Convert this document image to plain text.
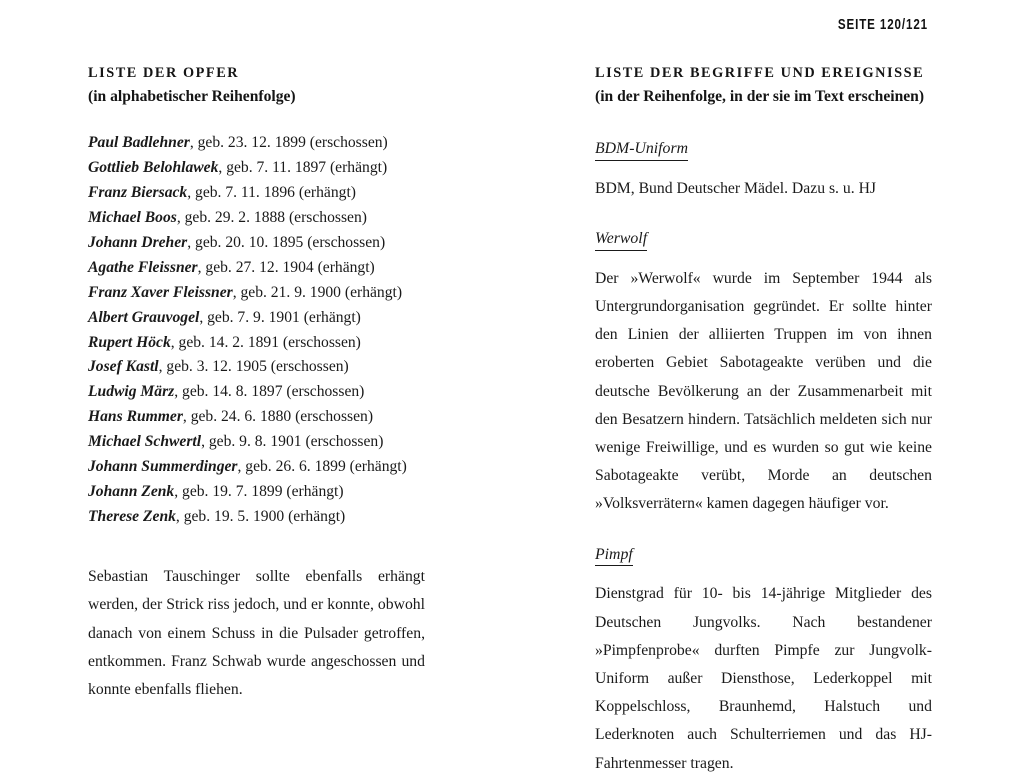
SEITE 120/121
LISTE DER OPFER

(in alphabetischer Reihenfolge)

Paul Badlehner, geb. 23. 12. 1899 (erschossen)
Gottlieb Belohlawek, geb. 7. 11. 1897 (erhängt)
Franz Biersack, geb. 7. 11. 1896 (erhängt)
Michael Boos, geb. 29. 2. 1888 (erschossen)
Johann Dreher, geb. 20. 10. 1895 (erschossen)
Agathe Fleissner, geb. 27. 12. 1904 (erhängt)
Franz Xaver Fleissner, geb. 21. 9. 1900 (erhängt)
Albert Grauvogel, geb. 7. 9. 1901 (erhängt)
Rupert Höck, geb. 14. 2. 1891 (erschossen)
Josef Kastl, geb. 3. 12. 1905 (erschossen)
Ludwig März, geb. 14. 8. 1897 (erschossen)
Hans Rummer, geb. 24. 6. 1880 (erschossen)
Michael Schwertl, geb. 9. 8. 1901 (erschossen)
Johann Summerdinger, geb. 26. 6. 1899 (erhängt)
Johann Zenk, geb. 19. 7. 1899 (erhängt)
Therese Zenk, geb. 19. 5. 1900 (erhängt)

Sebastian Tauschinger sollte ebenfalls erhängt werden, der Strick riss jedoch, und er konnte, obwohl danach von einem Schuss in die Pulsader getroffen, entkommen. Franz Schwab wurde angeschossen und konnte ebenfalls fliehen.

LISTE DER BEGRIFFE UND EREIGNISSE

(in der Reihenfolge, in der sie im Text erscheinen)

BDM-Uniform

BDM, Bund Deutscher Mädel. Dazu s. u. HJ

Werwolf

Der »Werwolf« wurde im September 1944 als Untergrundorganisation gegründet. Er sollte hinter den Linien der alliierten Truppen im von ihnen eroberten Gebiet Sabotageakte verüben und die deutsche Bevölkerung an der Zusammenarbeit mit den Besatzern hindern. Tatsächlich meldeten sich nur wenige Freiwillige, und es wurden so gut wie keine Sabotageakte verübt, Morde an deutschen »Volksverrätern« kamen dagegen häufiger vor.

Pimpf

Dienstgrad für 10- bis 14-jährige Mitglieder des Deutschen Jungvolks. Nach bestandener »Pimpfenprobe« durften Pimpfe zur Jungvolk-Uniform außer Diensthose, Lederkoppel mit Koppelschloss, Braunhemd, Halstuch und Lederknoten auch Schulterriemen und das HJ-Fahrtenmesser tragen.
